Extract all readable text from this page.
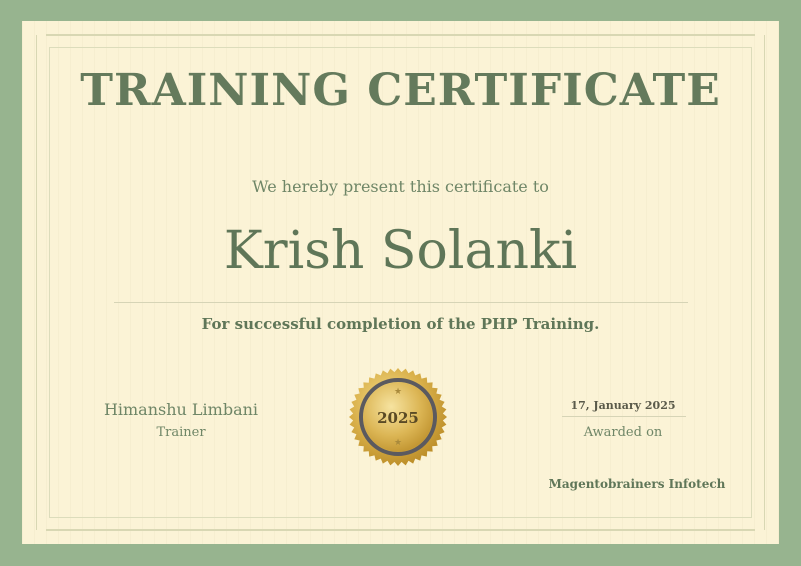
TRAINING CERTIFICATE
We hereby present this certificate to
Krish Solanki
For successful completion of the PHP Training.
Himanshu Limbani
Trainer
★
★
2025
17, January 2025
Awarded on
Magentobrainers Infotech
